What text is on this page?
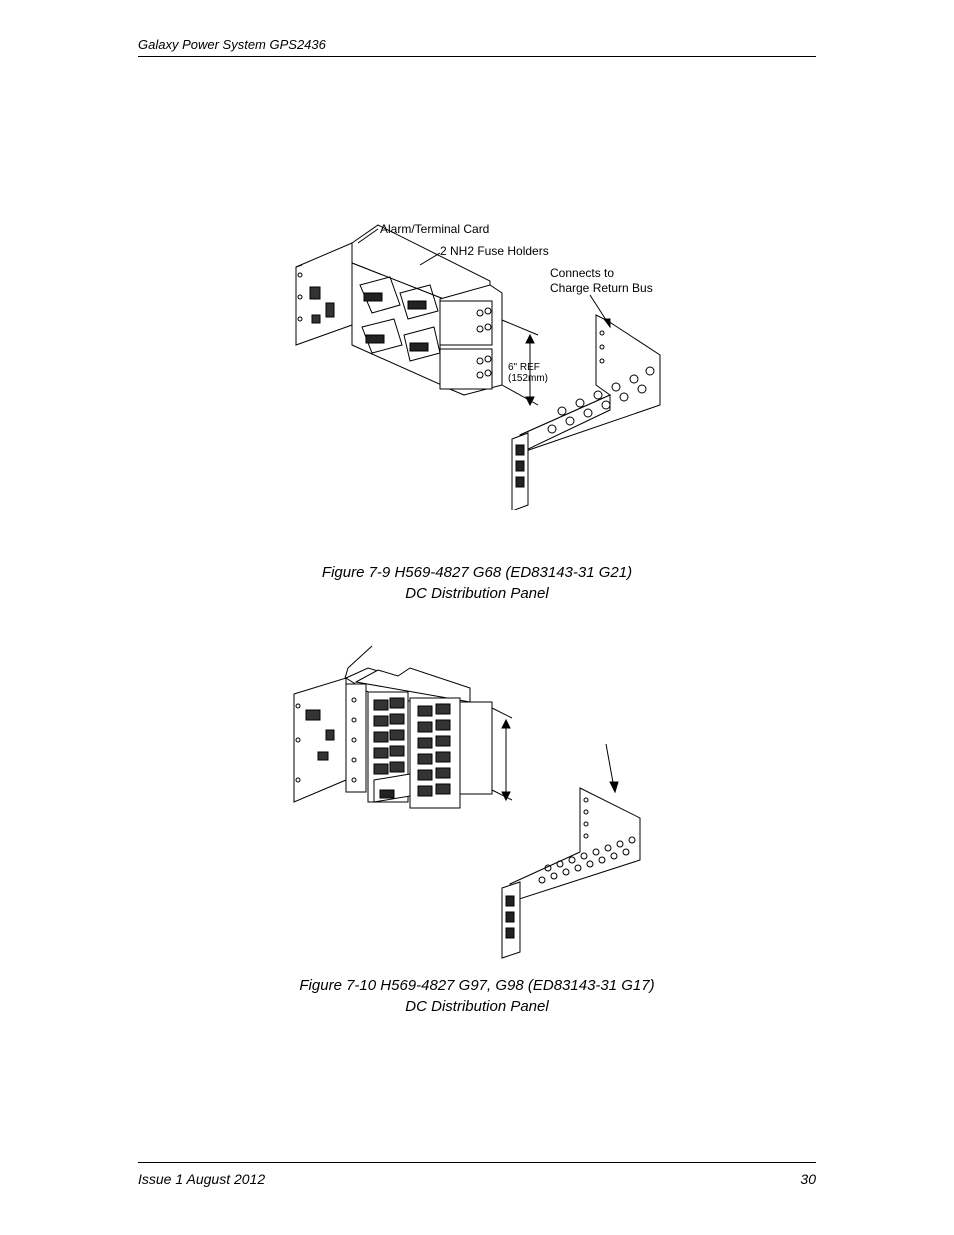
Galaxy Power System GPS2436
Alarm/Terminal Card
2 NH2 Fuse Holders
Connects to
Charge Return Bus
6" REF
(152mm)
Figure 7-9 H569-4827 G68 (ED83143-31 G21)
DC Distribution Panel
Figure 7-10 H569-4827 G97, G98 (ED83143-31 G17)
DC Distribution Panel
Issue 1 August 2012	30
